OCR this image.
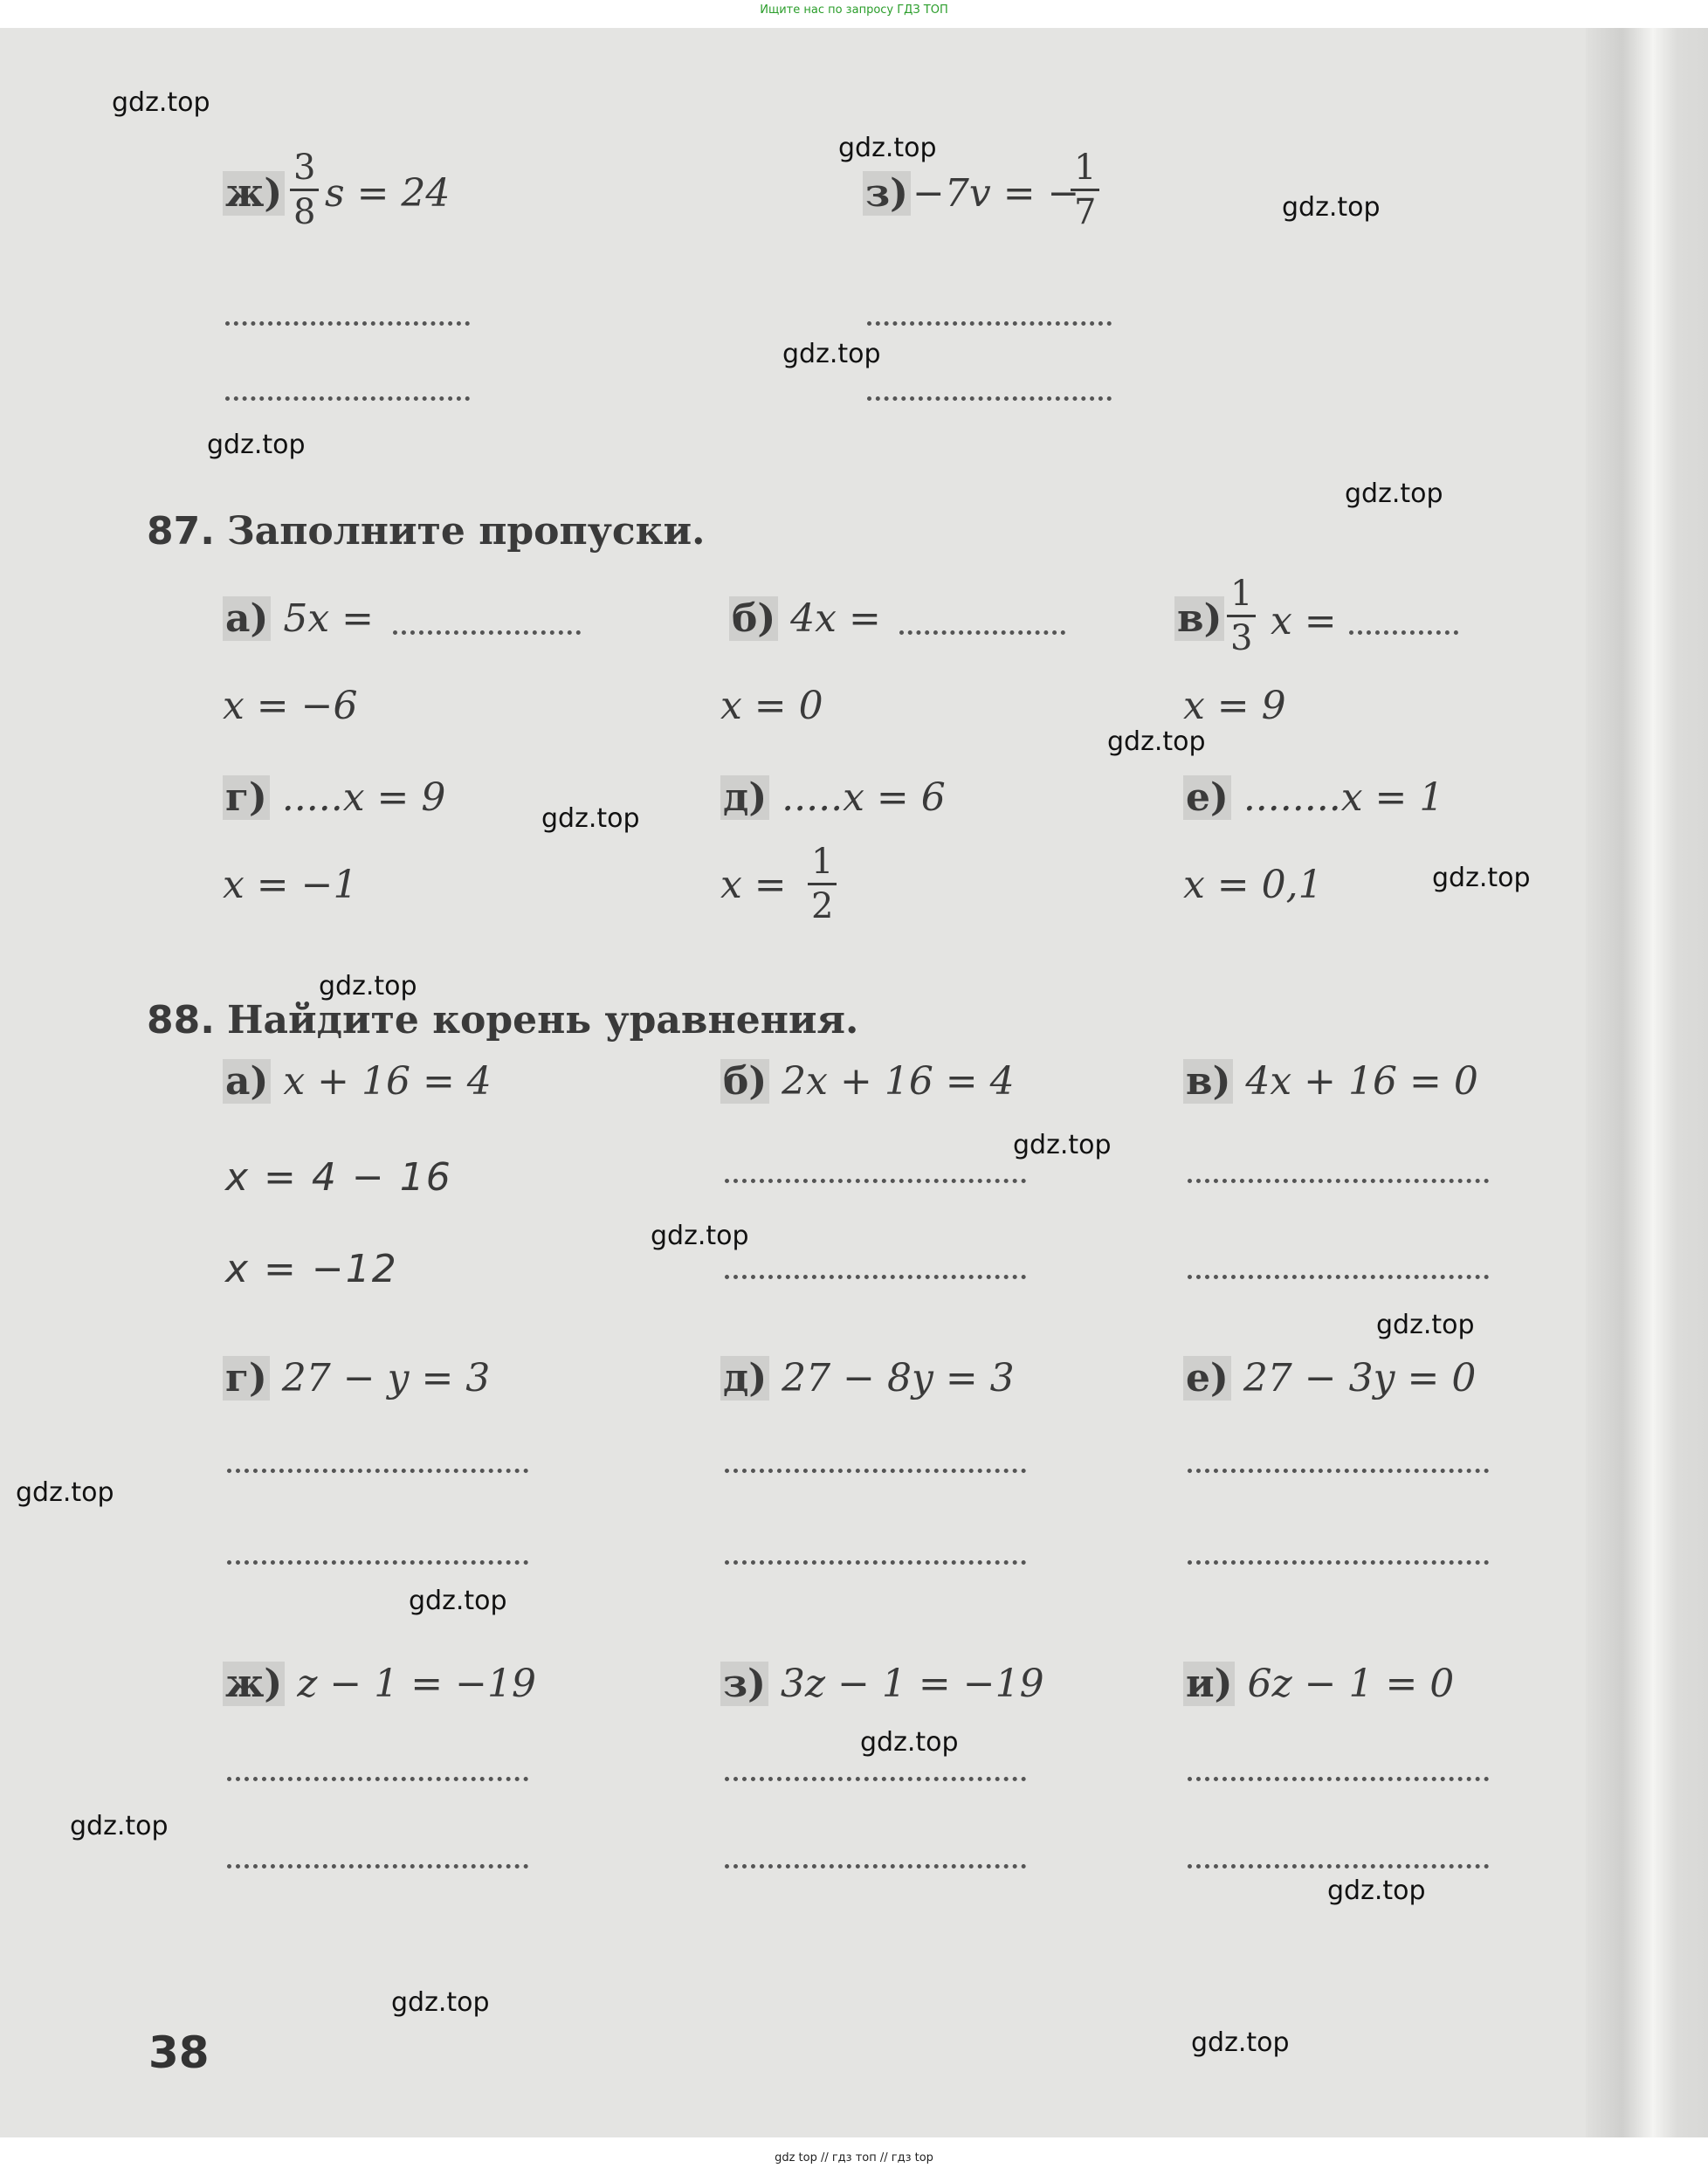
Ищите нас по запросу ГДЗ ТОП
$ж) \frac{3}{8}$ s = 24	з) −7v = −
$\frac{1}{7}$
87. Заполните пропуски.
а) 5x =
x = −6
б) 4x =
x = 0
$в) \frac{1}{3}$ x =
x = 9
г) .....x = 9
x = −1
д) .....x = 6
$x = \frac{1}{2}$
е) ........x = 1
x = 0,1
88. Найдите корень уравнения.
а) x + 16 = 4
x = 4 − 16
x = −12
б) 2x + 16 = 4	в) 4x + 16 = 0
г) 27 − y = 3	д) 27 − 8y = 3	е) 27 − 3y = 0
ж) z − 1 = −19	з) 3z − 1 = −19	и) 6z − 1 = 0
38
gdz.top
gdz.top
gdz.top
gdz.top
gdz.top
gdz.top
gdz.top
gdz.top
gdz.top
gdz.top
gdz.top
gdz.top
gdz.top
gdz.top
gdz.top
gdz.top
gdz.top
gdz.top
gdz.top
gdz.top
gdz top // гдз топ // гдз top
